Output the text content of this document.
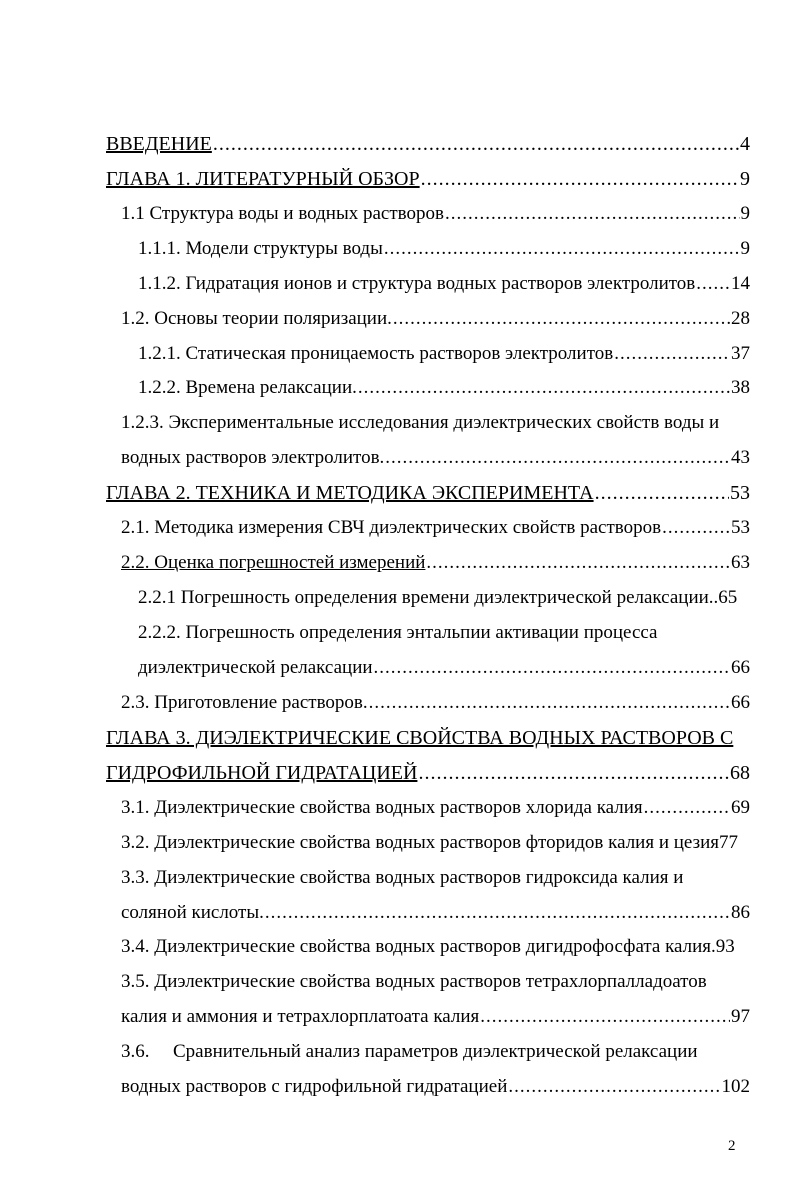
ВВЕДЕНИЕ .....	4
ГЛАВА 1. ЛИТЕРАТУРНЫЙ ОБЗОР .....	9
1.1 Структура воды и водных растворов .....	9
1.1.1. Модели структуры воды .....	9
1.1.2. Гидратация ионов и структура водных растворов электролитов ..... 14
1.2. Основы теории поляризации. .....	28
1.2.1. Статическая проницаемость растворов электролитов .....	37
1.2.2. Времена релаксации. .....	38
1.2.3. Экспериментальные исследования диэлектрических свойств воды и
водных растворов электролитов. .....	43
ГЛАВА 2. ТЕХНИКА И МЕТОДИКА ЭКСПЕРИМЕНТА .....	53
2.1. Методика измерения СВЧ диэлектрических свойств растворов .....	53
2.2. Оценка погрешностей измерений .....	63
2.2.1 Погрешность определения времени диэлектрической релаксации. .65
2.2.2. Погрешность определения энтальпии активации процесса
диэлектрической релаксации .....	66
2.3. Приготовление растворов. .....	66
ГЛАВА 3. ДИЭЛЕКТРИЧЕСКИЕ СВОЙСТВА ВОДНЫХ РАСТВОРОВ С
ГИДРОФИЛЬНОЙ ГИДРАТАЦИЕЙ .....	68
3.1. Диэлектрические свойства водных растворов хлорида калия .....	69
3.2. Диэлектрические свойства водных растворов фторидов калия и цезия 77
3.3. Диэлектрические свойства водных растворов гидроксида калия и
соляной кислоты. .....	86
3.4. Диэлектрические свойства водных растворов дигидрофосфата калия .93
3.5. Диэлектрические свойства водных растворов тетрахлорпалладоатов
калия и аммония и тетрахлорплатоата калия .....	97
3.6.	Сравнительный анализ параметров диэлектрической релаксации
водных растворов с гидрофильной гидратацией .....	102
2
